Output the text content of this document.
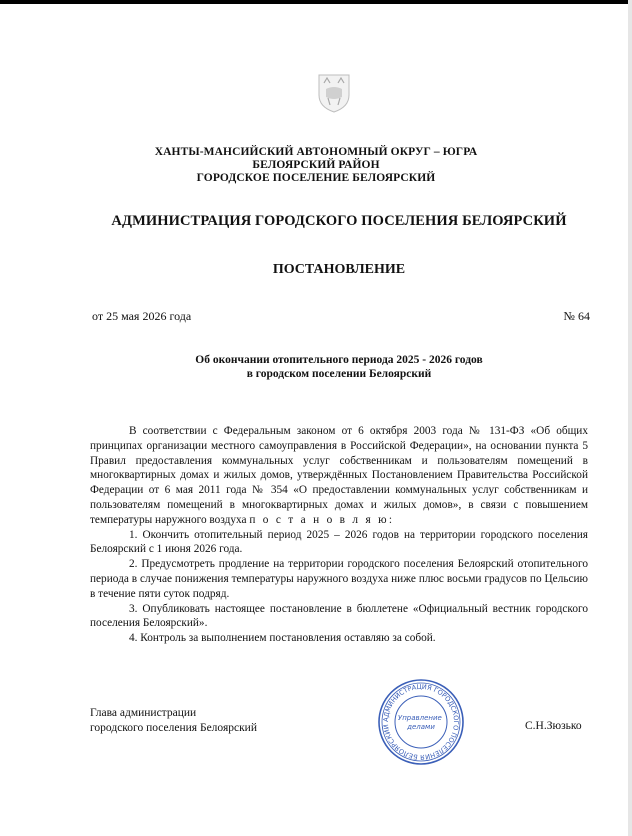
ХАНТЫ-МАНСИЙСКИЙ АВТОНОМНЫЙ ОКРУГ – ЮГРА
БЕЛОЯРСКИЙ РАЙОН
ГОРОДСКОЕ ПОСЕЛЕНИЕ БЕЛОЯРСКИЙ
АДМИНИСТРАЦИЯ ГОРОДСКОГО ПОСЕЛЕНИЯ БЕЛОЯРСКИЙ
ПОСТАНОВЛЕНИЕ
от 25 мая 2026 года	№ 64
Об окончании отопительного периода 2025 - 2026 годов
в городском поселении Белоярский

В соответствии с Федеральным законом от 6 октября 2003 года № 131-ФЗ «Об общих принципах организации местного самоуправления в Российской Федерации», на основании пункта 5 Правил предоставления коммунальных услуг собственникам и пользователям помещений в многоквартирных домах и жилых домов, утверждённых Постановлением Правительства Российской Федерации от 6 мая 2011 года № 354 «О предоставлении коммунальных услуг собственникам и пользователям помещений в многоквартирных домах и жилых домов», в связи с повышением температуры наружного воздуха п о с т а н о в л я ю:

1. Окончить отопительный период 2025 – 2026 годов на территории городского поселения Белоярский с 1 июня 2026 года.

2. Предусмотреть продление на территории городского поселения Белоярский отопительного периода в случае понижения температуры наружного воздуха ниже плюс восьми градусов по Цельсию в течение пяти суток подряд.

3. Опубликовать настоящее постановление в бюллетене «Официальный вестник городского поселения Белоярский».

4. Контроль за выполнением постановления оставляю за собой.

Глава администрации
городского поселения Белоярский	С.Н.Зюзько
АДМИНИСТРАЦИЯ ГОРОДСКОГО ПОСЕЛЕНИЯ БЕЛОЯРСКИЙ
Управление делами
